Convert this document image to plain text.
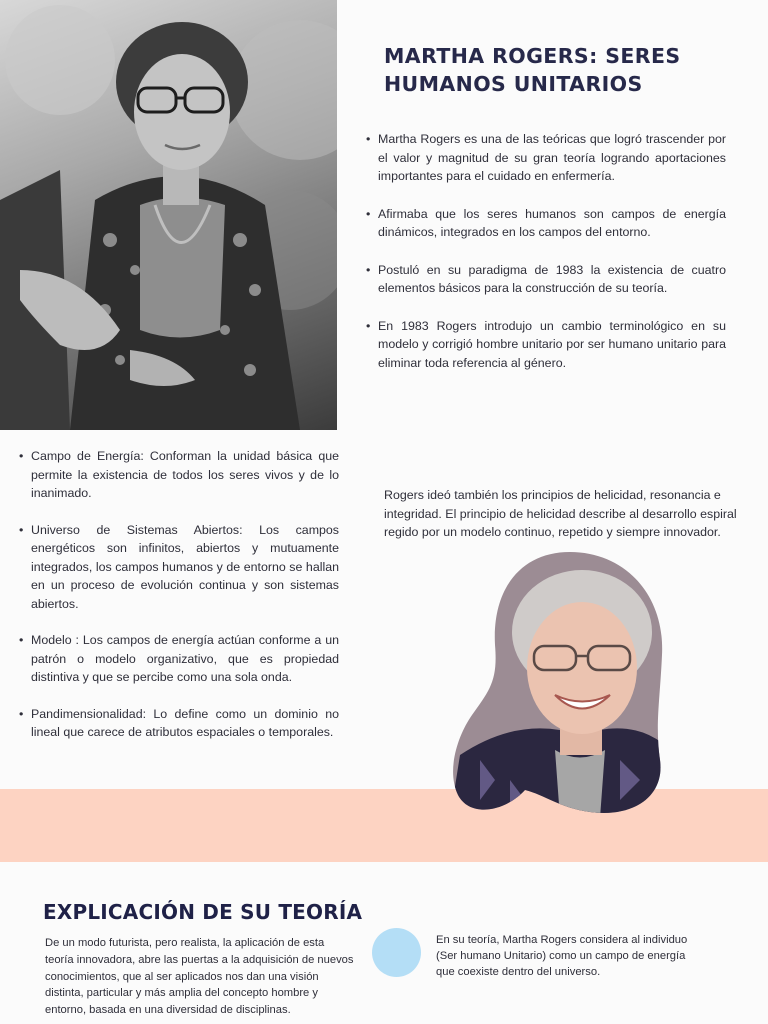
MARTHA ROGERS: SERES HUMANOS UNITARIOS
• Martha Rogers es una de las teóricas que logró trascender por el valor y magnitud de su gran teoría logrando aportaciones importantes para el cuidado en enfermería.
• Afirmaba que los seres humanos son campos de energía dinámicos, integrados en los campos del entorno.
• Postuló en su paradigma de 1983 la existencia de cuatro elementos básicos para la construcción de su teoría.
• En 1983 Rogers introdujo un cambio terminológico en su modelo y corrigió hombre unitario por ser humano unitario para eliminar toda referencia al género.
• Campo de Energía: Conforman la unidad básica que permite la existencia de todos los seres vivos y de lo inanimado.
• Universo de Sistemas Abiertos: Los campos energéticos son infinitos, abiertos y mutuamente integrados, los campos humanos y de entorno se hallan en un proceso de evolución continua y son sistemas abiertos.
• Modelo : Los campos de energía actúan conforme a un patrón o modelo organizativo, que es propiedad distintiva y que se percibe como una sola onda.
• Pandimensionalidad: Lo define como un dominio no lineal que carece de atributos espaciales o temporales.

Rogers ideó también los principios de helicidad, resonancia e integridad. El principio de helicidad describe al desarrollo espiral regido por un modelo continuo, repetido y siempre innovador.

EXPLICACIÓN DE SU TEORÍA

De un modo futurista, pero realista, la aplicación de esta teoría innovadora, abre las puertas a la adquisición de nuevos conocimientos, que al ser aplicados nos dan una visión distinta, particular y más amplia del concepto hombre y entorno, basada en una diversidad de disciplinas.

En su teoría, Martha Rogers considera al individuo (Ser humano Unitario) como un campo de energía que coexiste dentro del universo.
